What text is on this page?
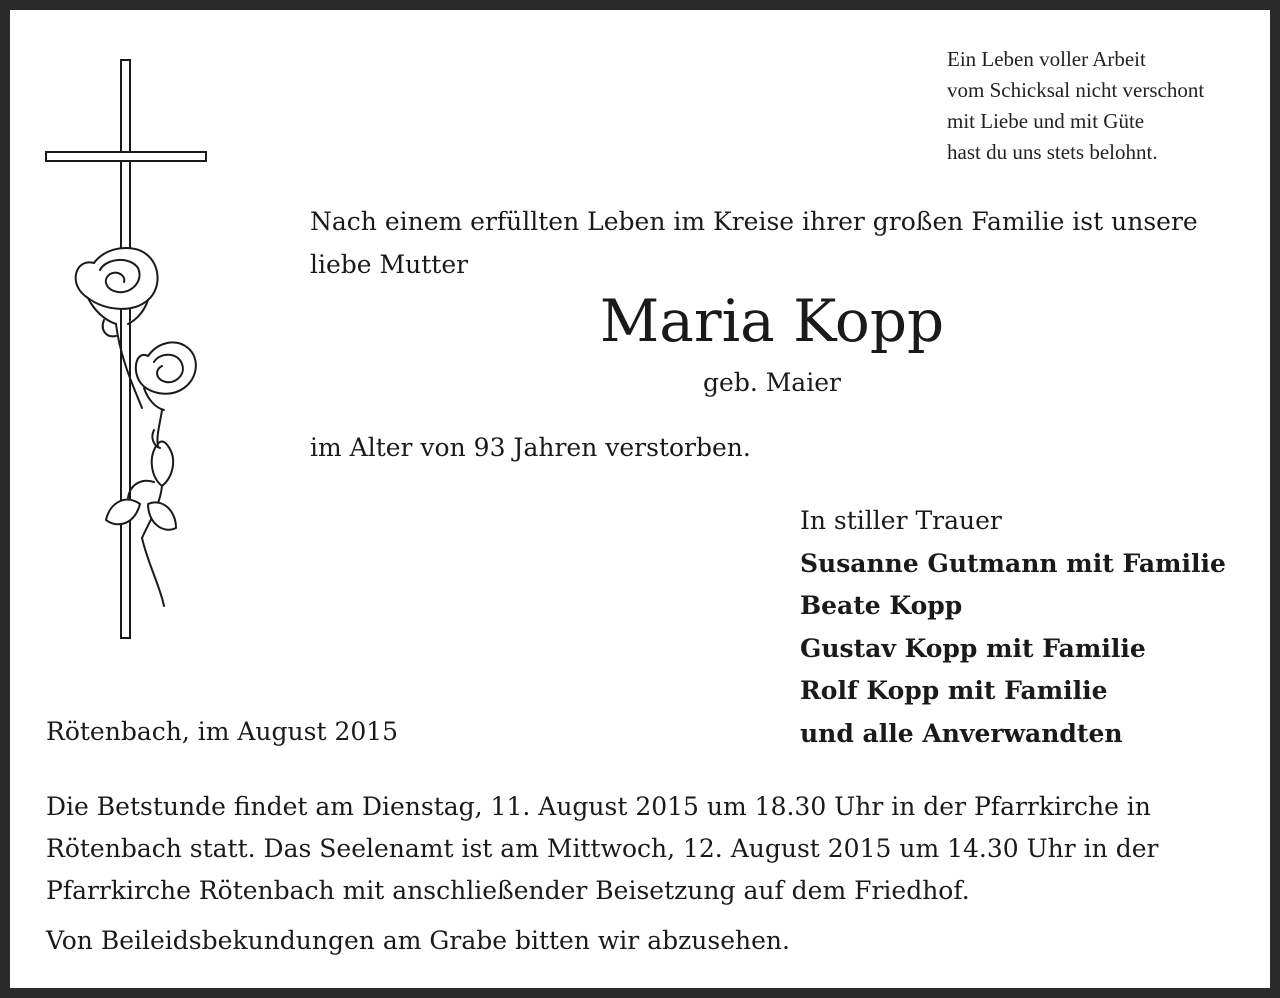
Ein Leben voller Arbeit
vom Schicksal nicht verschont
mit Liebe und mit Güte
hast du uns stets belohnt.
Nach einem erfüllten Leben im Kreise ihrer großen Familie ist unsere
liebe Mutter
Maria Kopp
geb. Maier
im Alter von 93 Jahren verstorben.
In stiller Trauer
Susanne Gutmann mit Familie
Beate Kopp
Gustav Kopp mit Familie
Rolf Kopp mit Familie
und alle Anverwandten
Rötenbach, im August 2015
Die Betstunde findet am Dienstag, 11. August 2015 um 18.30 Uhr in der Pfarrkirche in
Rötenbach statt. Das Seelenamt ist am Mittwoch, 12. August 2015 um 14.30 Uhr in der
Pfarrkirche Rötenbach mit anschließender Beisetzung auf dem Friedhof.
Von Beileidsbekundungen am Grabe bitten wir abzusehen.
